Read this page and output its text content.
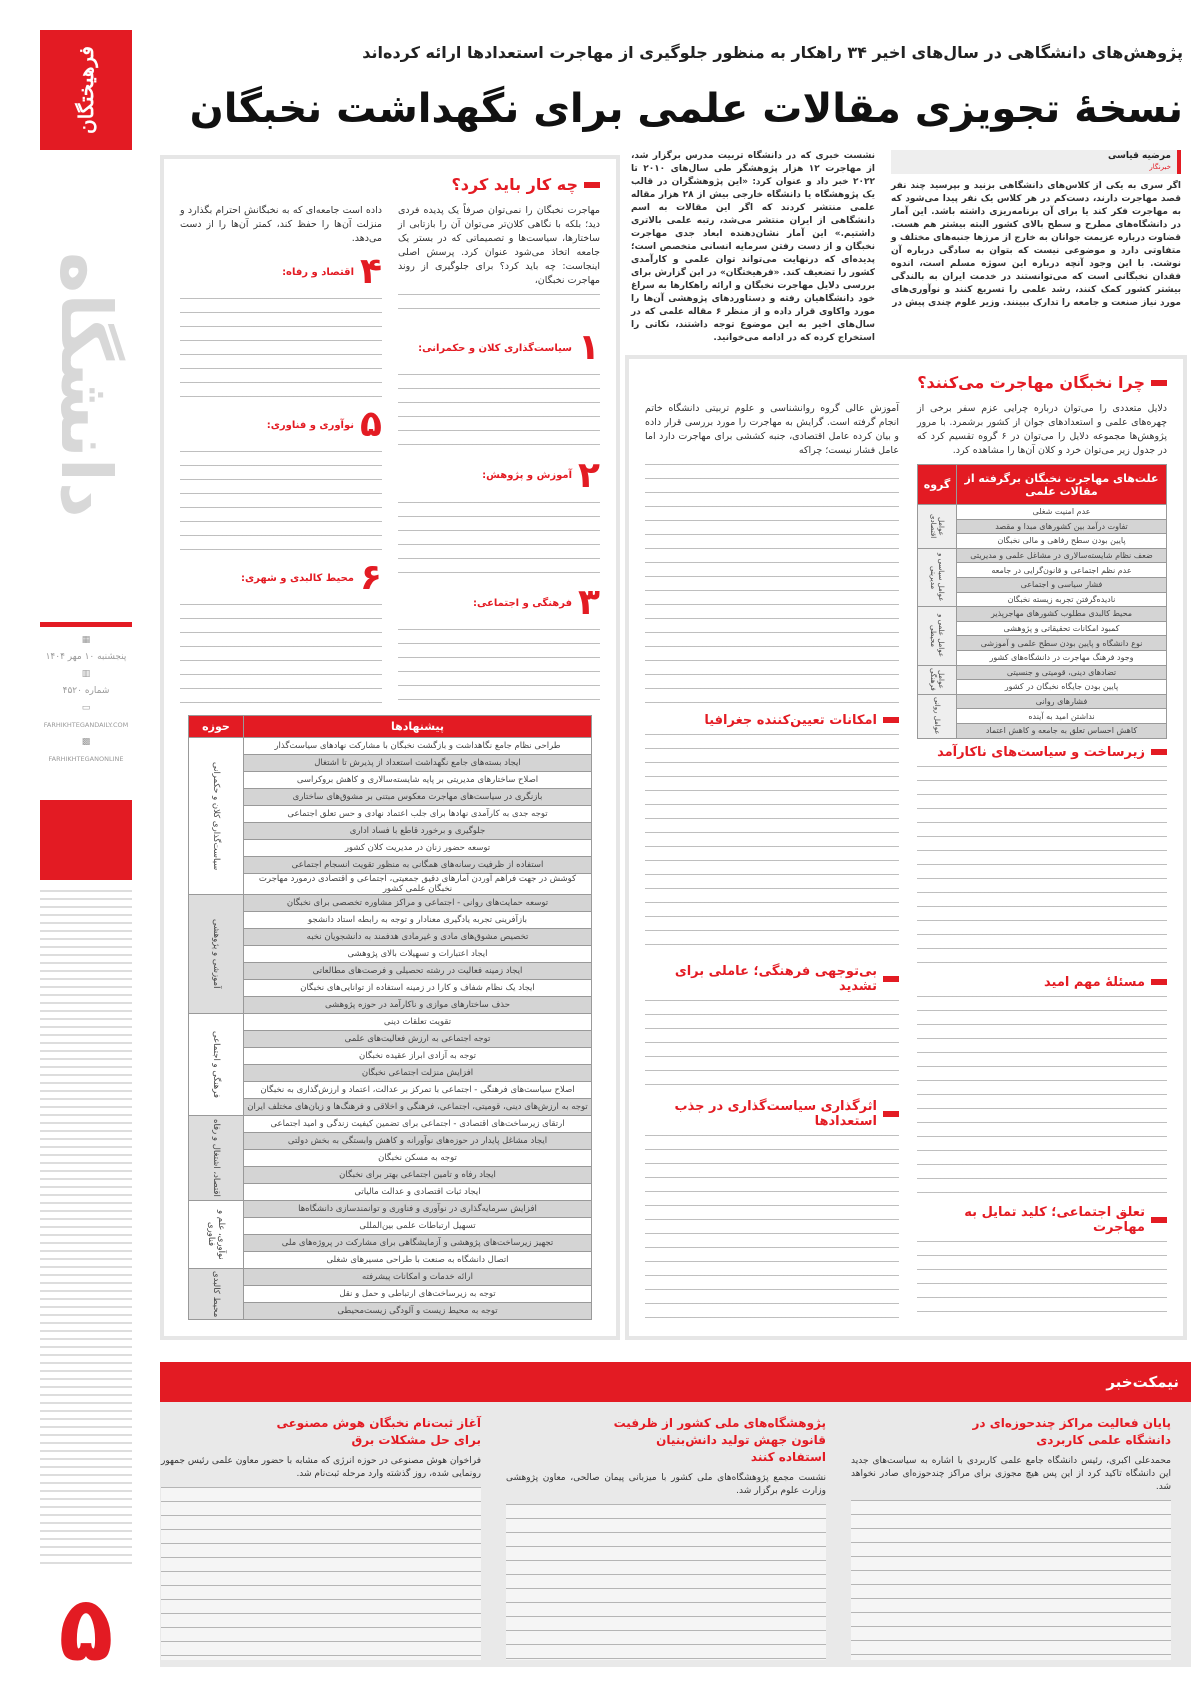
فرهیختگان
دانشگاه
▦
پنجشنبه ۱۰ مهر ۱۴۰۴
▥
شماره ۴۵۲۰
▭
FARHIKHTEGANDAILY.COM
▩
FARHIKHTEGANONLINE
۵
پژوهش‌های دانشگاهی در سال‌های اخیر ۳۴ راهکار به منظور جلوگیری از مهاجرت استعدادها ارائه کرده‌اند
نسخهٔ تجویزی مقالات علمی برای نگهداشت نخبگان
مرضیه قیاسی
خبرنگار

اگر سری به یکی از کلاس‌های دانشگاهی بزنید و بپرسید چند نفر قصد مهاجرت دارند، دست‌کم در هر کلاس یک نفر پیدا می‌شود که به مهاجرت فکر کند یا برای آن برنامه‌ریزی داشته باشد. این آمار در دانشگاه‌های مطرح و سطح بالای کشور البته بیشتر هم هست. قضاوت درباره عزیمت جوانان به خارج از مرزها جنبه‌های مختلف و متفاوتی دارد و موضوعی نیست که بتوان به سادگی درباره آن نوشت. با این وجود آنچه درباره این سوژه مسلم است، اندوه فقدان نخبگانی است که می‌توانستند در خدمت ایران به بالندگی بیشتر کشور کمک کنند، رشد علمی را تسریع کنند و نوآوری‌های مورد نیاز صنعت و جامعه را تدارک ببینند. وزیر علوم چندی پیش در

نشست خبری که در دانشگاه تربیت مدرس برگزار شد، از مهاجرت ۱۲ هزار پژوهشگر طی سال‌های ۲۰۱۰ تا ۲۰۲۲ خبر داد و عنوان کرد: «این پژوهشگران در قالب یک پژوهشگاه یا دانشگاه خارجی بیش از ۲۸ هزار مقاله علمی منتشر کردند که اگر این مقالات به اسم دانشگاهی از ایران منتشر می‌شد، رتبه علمی بالاتری داشتیم.» این آمار نشان‌دهنده ابعاد جدی مهاجرت نخبگان و از دست رفتن سرمایه انسانی متخصص است؛ پدیده‌ای که درنهایت می‌تواند توان علمی و کارآمدی کشور را تضعیف کند. «فرهیختگان» در این گزارش برای بررسی دلایل مهاجرت نخبگان و ارائه راهکارها به سراغ خود دانشگاهیان رفته و دستاوردهای پژوهشی آن‌ها را مورد واکاوی قرار داده و از منظر ۶ مقاله علمی که در سال‌های اخیر به این موضوع توجه داشتند، نکاتی را استخراج کرده که در ادامه می‌خوانید.

چرا نخبگان مهاجرت می‌کنند؟

دلایل متعددی را می‌توان درباره چرایی عزم سفر برخی از چهره‌های علمی و استعدادهای جوان از کشور برشمرد. با مرور پژوهش‌ها مجموعه دلایل را می‌توان در ۶ گروه تقسیم کرد که در جدول زیر می‌توان خرد و کلان آن‌ها را مشاهده کرد.

علت‌های مهاجرت نخبگان برگرفته از مقالات علمی	گروه
عدم امنیت شغلی	عوامل اقتصادی
تفاوت درآمد بین کشورهای مبدا و مقصد	
پایین بودن سطح رفاهی و مالی نخبگان	
ضعف نظام شایسته‌سالاری در مشاغل علمی و مدیریتی	عوامل سیاسی و مدیریتی
عدم نظم اجتماعی و قانون‌گرایی در جامعه	
فشار سیاسی و اجتماعی	
نادیده‌گرفتن تجربه زیسته نخبگان	
محیط کالبدی مطلوب کشورهای مهاجرپذیر	عوامل علمی و محیطی
کمبود امکانات تحقیقاتی و پژوهشی	
نوع دانشگاه و پایین بودن سطح علمی و آموزشی	
وجود فرهنگ مهاجرت در دانشگاه‌های کشور	
تضادهای دینی، قومیتی و جنسیتی	عوامل فرهنگی
پایین بودن جایگاه نخبگان در کشور	
فشارهای روانی	عوامل روانی
نداشتن امید به آینده	
کاهش احساس تعلق به جامعه و کاهش اعتماد	
زیرساخت و سیاست‌های ناکارآمد
مسئلهٔ مهم امید
تعلق اجتماعی؛ کلید تمایل به مهاجرت

آموزش عالی گروه روانشناسی و علوم تربیتی دانشگاه خاتم انجام گرفته است. گرایش به مهاجرت را مورد بررسی قرار داده و بیان کرده عامل اقتصادی، جنبه کششی برای مهاجرت دارد اما عامل فشار نیست؛ چراکه

امکانات تعیین‌کننده جغرافیا
بی‌توجهی فرهنگی؛ عاملی برای تشدید
اثرگذاری سیاست‌گذاری در جذب استعدادها
چه کار باید کرد؟

مهاجرت نخبگان را نمی‌توان صرفاً یک پدیده فردی دید؛ بلکه با نگاهی کلان‌تر می‌توان آن را بازتابی از ساختارها، سیاست‌ها و تصمیماتی که در بستر یک جامعه اتخاذ می‌شود عنوان کرد. پرسش اصلی اینجاست: چه باید کرد؟ برای جلوگیری از روند مهاجرت نخبگان،

۱
سیاست‌گذاری کلان و حکمرانی:
۲
آموزش و پژوهش:
۳
فرهنگی و اجتماعی:

داده است جامعه‌ای که به نخبگانش احترام بگذارد و منزلت آن‌ها را حفظ کند، کمتر آن‌ها را از دست می‌دهد.

۴
اقتصاد و رفاه:
۵
نوآوری و فناوری:
۶
محیط کالبدی و شهری:
پیشنهادها	حوزه
طراحی نظام جامع نگاهداشت و بازگشت نخبگان با مشارکت نهادهای سیاست‌گذار	سیاست‌گذاری کلان و حکمرانی
ایجاد بسته‌های جامع نگهداشت استعداد از پذیرش تا اشتغال	
اصلاح ساختارهای مدیریتی بر پایه شایسته‌سالاری و کاهش بروکراسی	
بازنگری در سیاست‌های مهاجرت معکوس مبتنی بر مشوق‌های ساختاری	
توجه جدی به کارآمدی نهادها برای جلب اعتماد نهادی و حس تعلق اجتماعی	
جلوگیری و برخورد قاطع با فساد اداری	
توسعه حضور زنان در مدیریت کلان کشور	
استفاده از ظرفیت رسانه‌های همگانی به منظور تقویت انسجام اجتماعی	
کوشش در جهت فراهم آوردن آمارهای دقیق جمعیتی، اجتماعی و اقتصادی درمورد مهاجرت نخبگان علمی کشور	
توسعه حمایت‌های روانی - اجتماعی و مراکز مشاوره تخصصی برای نخبگان	آموزشی و پژوهشی
بازآفرینی تجربه یادگیری معنادار و توجه به رابطه استاد دانشجو	
تخصیص مشوق‌های مادی و غیرمادی هدفمند به دانشجویان نخبه	
ایجاد اعتبارات و تسهیلات بالای پژوهشی	
ایجاد زمینه فعالیت در رشته تحصیلی و فرصت‌های مطالعاتی	
ایجاد یک نظام شفاف و کارا در زمینه استفاده از توانایی‌های نخبگان	
حذف ساختارهای موازی و ناکارآمد در حوزه پژوهشی	
تقویت تعلقات دینی	فرهنگی و اجتماعی
توجه اجتماعی به ارزش فعالیت‌های علمی	
توجه به آزادی ابراز عقیده نخبگان	
افزایش منزلت اجتماعی نخبگان	
اصلاح سیاست‌های فرهنگی - اجتماعی با تمرکز بر عدالت، اعتماد و ارزش‌گذاری به نخبگان	
توجه به ارزش‌های دینی، قومیتی، اجتماعی، فرهنگی و اخلاقی و فرهنگ‌ها و زبان‌های مختلف ایران	
ارتقای زیرساخت‌های اقتصادی - اجتماعی برای تضمین کیفیت زندگی و امید اجتماعی	اقتصاد، اشتغال و رفاه
ایجاد مشاغل پایدار در حوزه‌های نوآورانه و کاهش وابستگی به بخش دولتی	
توجه به مسکن نخبگان	
ایجاد رفاه و تامین اجتماعی بهتر برای نخبگان	
ایجاد ثبات اقتصادی و عدالت مالیاتی	
افزایش سرمایه‌گذاری در نوآوری و فناوری و توانمندسازی دانشگاه‌ها	نوآوری، علم و فناوری
تسهیل ارتباطات علمی بین‌المللی	
تجهیز زیرساخت‌های پژوهشی و آزمایشگاهی برای مشارکت در پروژه‌های ملی	
اتصال دانشگاه به صنعت با طراحی مسیرهای شغلی	
ارائه خدمات و امکانات پیشرفته	محیط کالبدی
توجه به زیرساخت‌های ارتباطی و حمل و نقل	
توجه به محیط زیست و آلودگی زیست‌محیطی	
نیمکت‌خبر
پایان فعالیت مراکز چندحوزه‌ای در دانشگاه علمی کاربردی

محمدعلی اکبری، رئیس دانشگاه جامع علمی کاربردی با اشاره به سیاست‌های جدید این دانشگاه تاکید کرد از این پس هیچ مجوزی برای مراکز چندحوزه‌ای صادر نخواهد شد.

پژوهشگاه‌های ملی کشور از ظرفیت قانون جهش تولید دانش‌بنیان استفاده کنند

نشست مجمع پژوهشگاه‌های ملی کشور با میزبانی پیمان صالحی، معاون پژوهشی وزارت علوم برگزار شد.

آغاز ثبت‌نام نخبگان هوش مصنوعی برای حل مشکلات برق

فراخوان هوش مصنوعی در حوزه انرژی که مشابه با حضور معاون علمی رئیس جمهور رونمایی شده، روز گذشته وارد مرحله ثبت‌نام شد.
